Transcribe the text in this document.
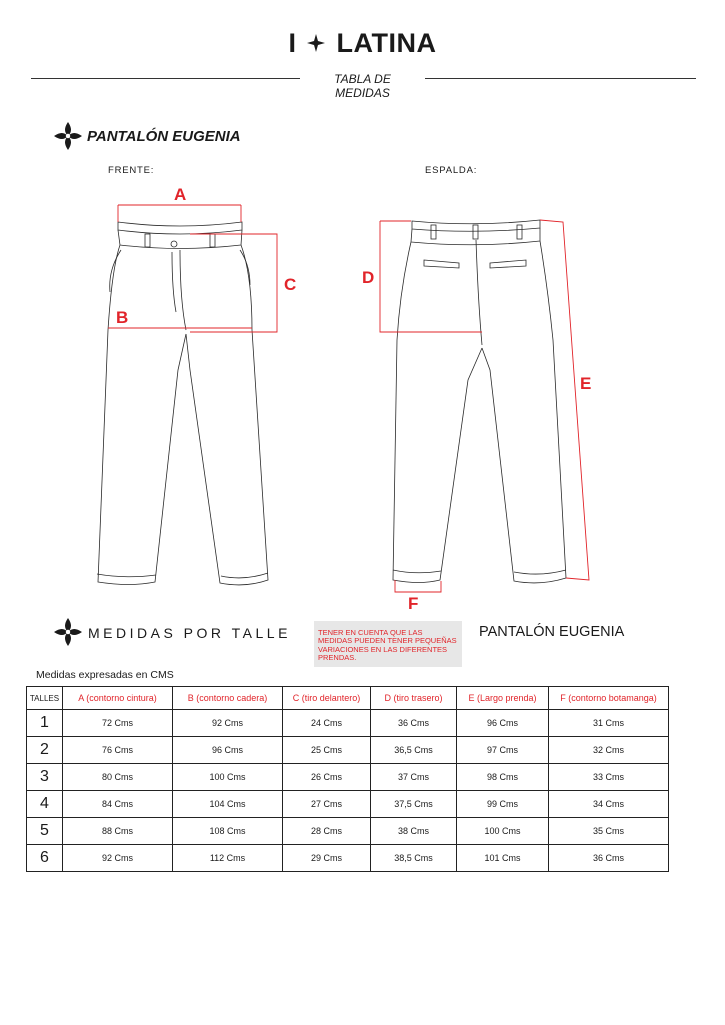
I LATINA
TABLA DE
MEDIDAS
PANTALÓN EUGENIA
FRENTE:	ESPALDA:
A
B
C	D
E
F
MEDIDAS POR TALLE	TENER EN CUENTA QUE LAS MEDIDAS PUEDEN TENER PEQUEÑAS VARIACIONES EN LAS DIFERENTES PRENDAS.
PANTALÓN EUGENIA
Medidas expresadas en CMS
TALLES	A (contorno cintura)	B (contorno cadera)	C (tiro delantero)	D (tiro trasero)	E (Largo prenda)	F (contorno botamanga)
1	72 Cms	92 Cms	24 Cms	36 Cms	96 Cms	31 Cms
2	76 Cms	96 Cms	25 Cms	36,5 Cms	97 Cms	32 Cms
3	80 Cms	100 Cms	26 Cms	37 Cms	98 Cms	33 Cms
4	84 Cms	104 Cms	27 Cms	37,5 Cms	99 Cms	34 Cms
5	88 Cms	108 Cms	28 Cms	38 Cms	100 Cms	35 Cms
6	92 Cms	112 Cms	29 Cms	38,5 Cms	101 Cms	36 Cms
